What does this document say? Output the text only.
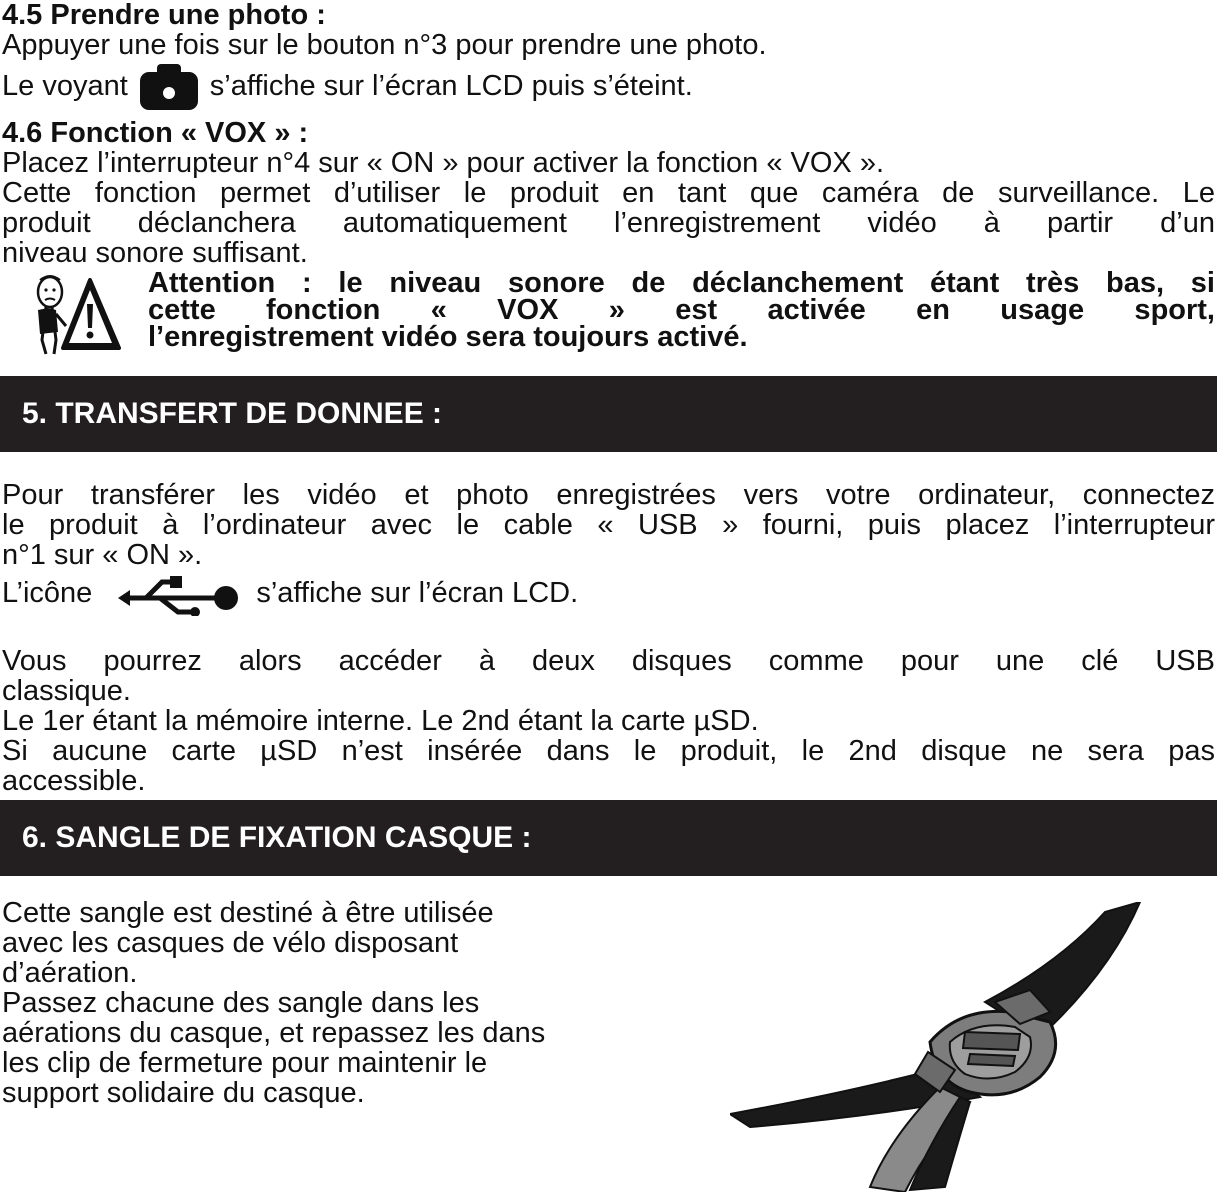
4.5 Prendre une photo :
Appuyer une fois sur le bouton n°3 pour prendre une photo.
Le voyant	s’affiche sur l’écran LCD puis s’éteint.
4.6 Fonction « VOX » :
Placez l’interrupteur n°4 sur « ON » pour activer la fonction « VOX ».
Cette fonction permet d’utiliser le produit en tant que caméra de surveillance. Le
produit déclanchera automatiquement l’enregistrement vidéo à partir d’un
niveau sonore suffisant.
Attention : le niveau sonore de déclanchement étant très bas, si
cette fonction « VOX » est activée en usage sport,
l’enregistrement vidéo sera toujours activé.
5. TRANSFERT DE DONNEE :
Pour transférer les vidéo et photo enregistrées vers votre ordinateur, connectez
le produit à l’ordinateur avec le cable « USB » fourni, puis placez l’interrupteur
n°1 sur « ON ».
L’icône	s’affiche sur l’écran LCD.
Vous pourrez alors accéder à deux disques comme pour une clé USB
classique.
Le 1er étant la mémoire interne. Le 2nd étant la carte µSD.
Si aucune carte µSD n’est insérée dans le produit, le 2nd disque ne sera pas
accessible.
6. SANGLE DE FIXATION CASQUE :
Cette sangle est destiné à être utilisée
avec les casques de vélo disposant
d’aération.
Passez chacune des sangle dans les
aérations du casque, et repassez les dans
les clip de fermeture pour maintenir le
support solidaire du casque.
